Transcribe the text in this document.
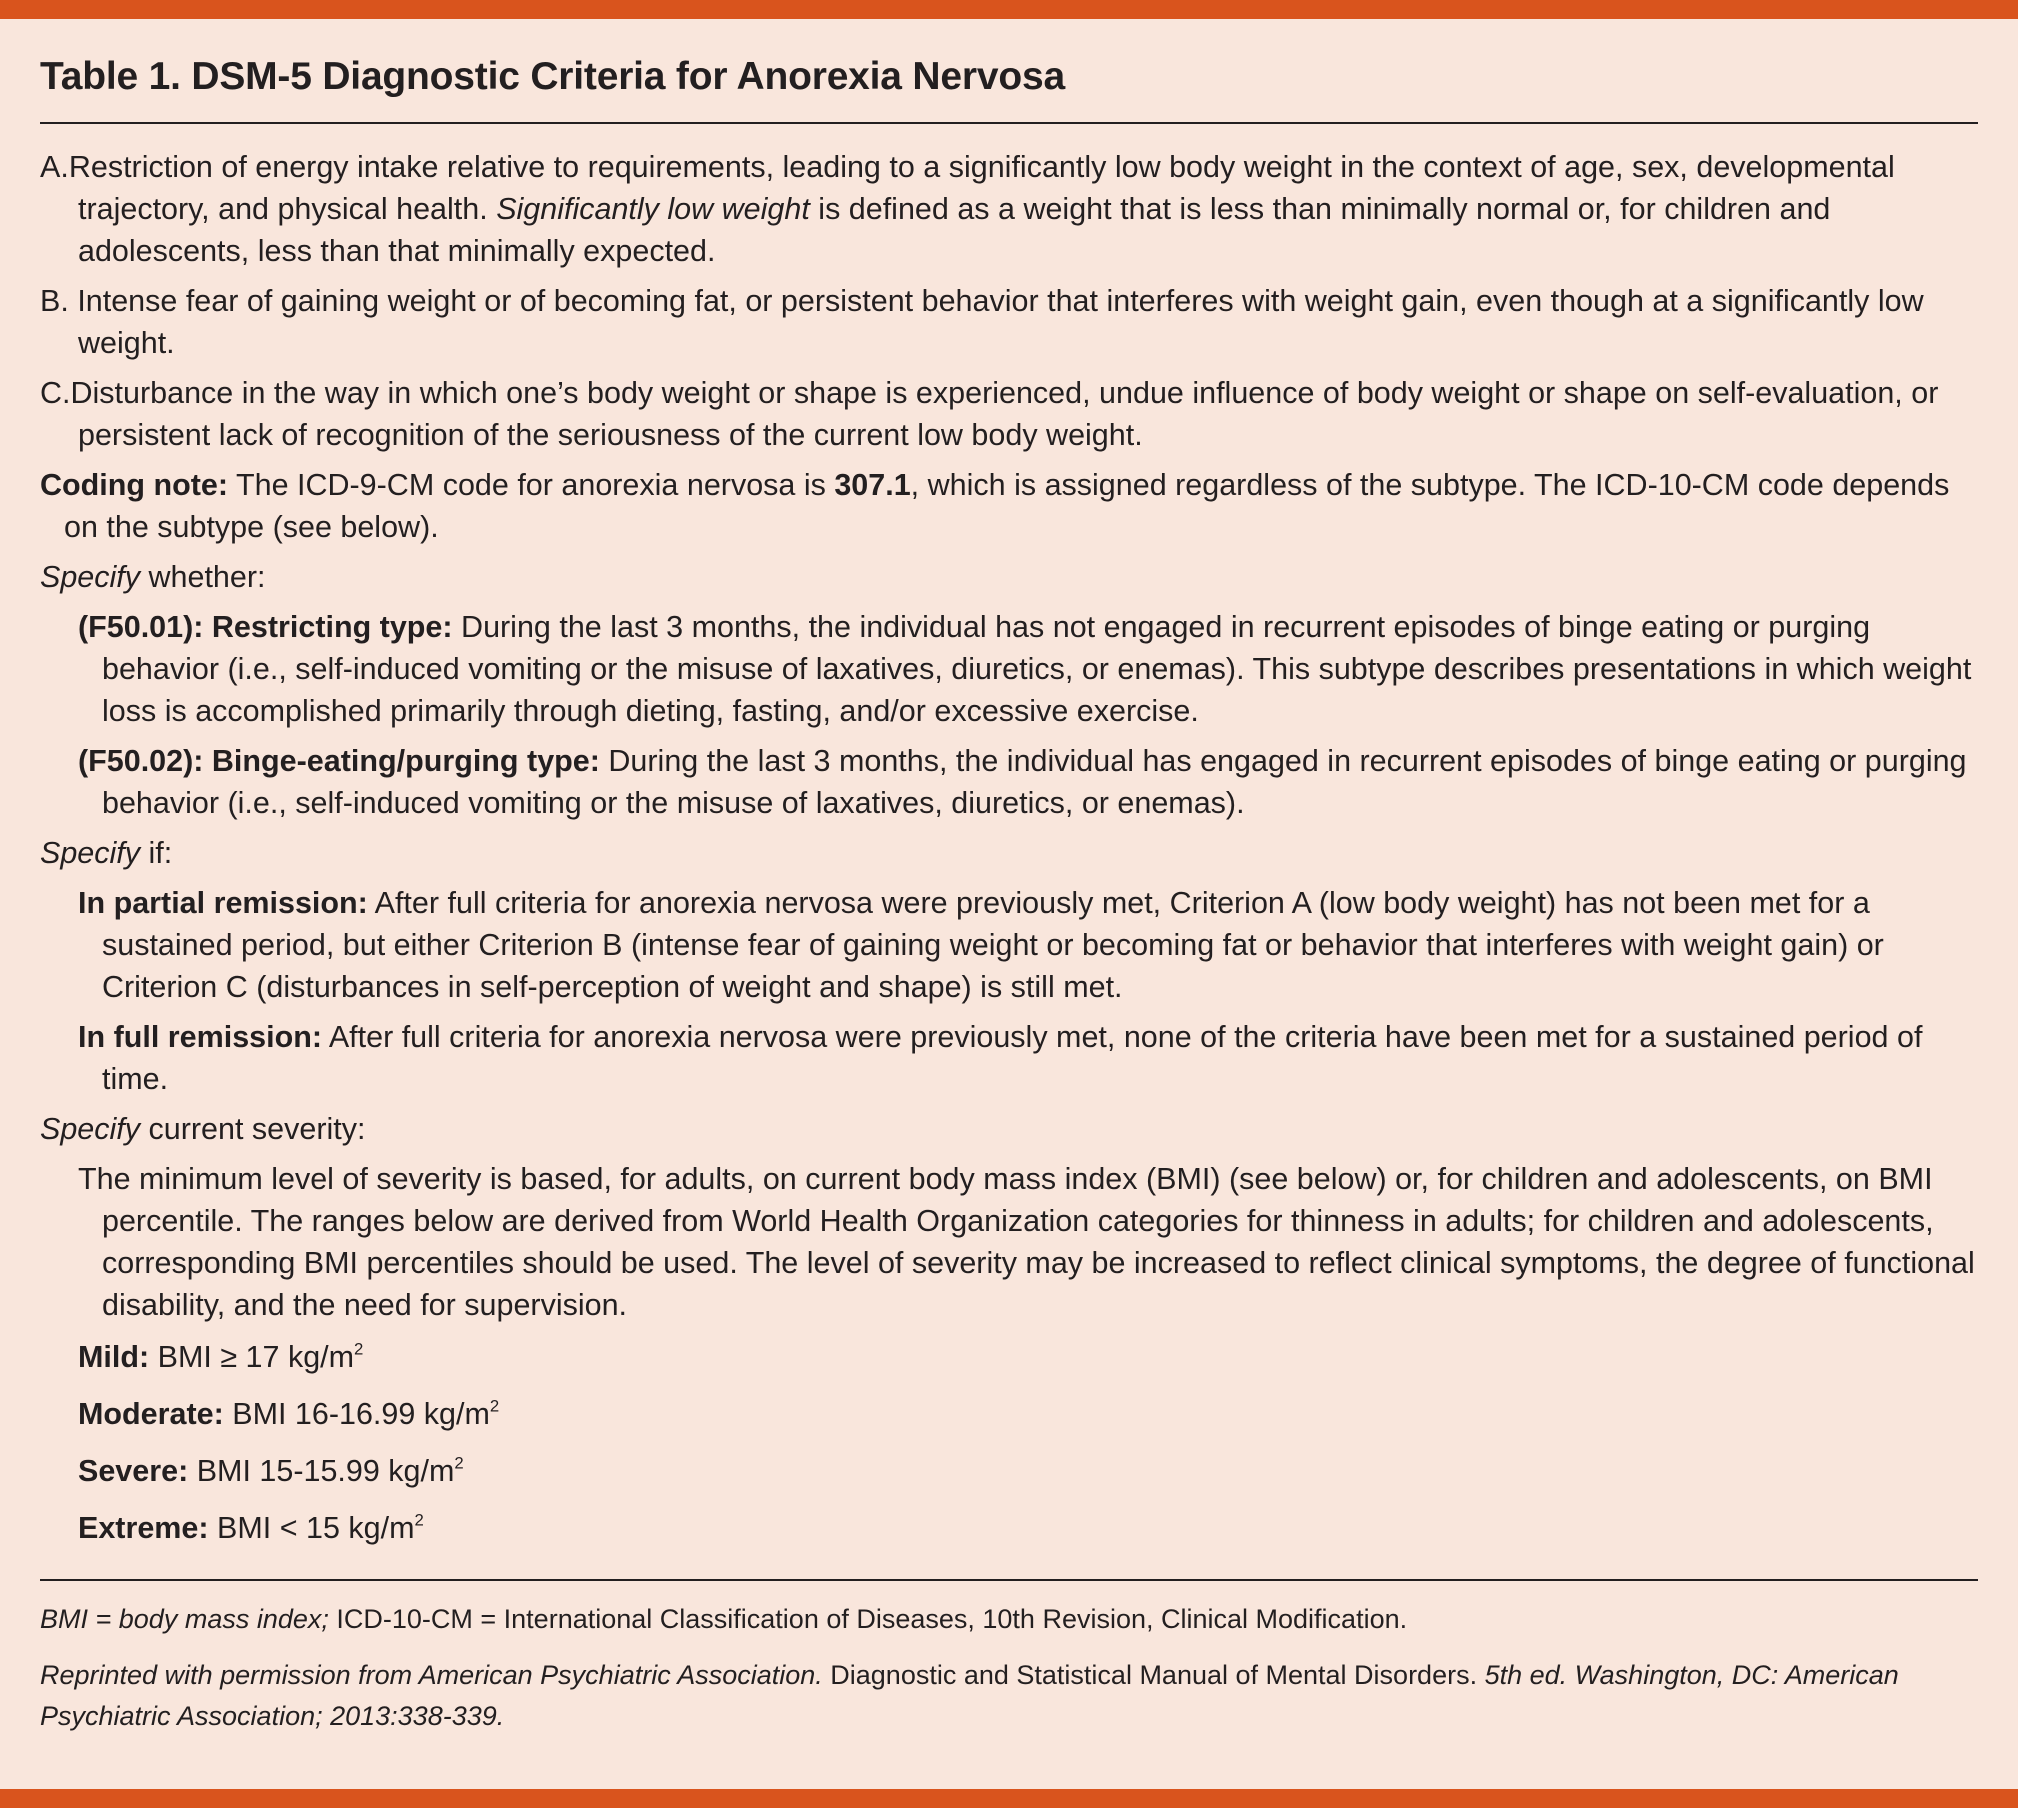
Table 1. DSM-5 Diagnostic Criteria for Anorexia Nervosa

A.Restriction of energy intake relative to requirements, leading to a significantly low body weight in the context of age, sex, developmental trajectory, and physical health. Significantly low weight is defined as a weight that is less than minimally normal or, for children and adolescents, less than that minimally expected.

B. Intense fear of gaining weight or of becoming fat, or persistent behavior that interferes with weight gain, even though at a significantly low weight.

C.Disturbance in the way in which one’s body weight or shape is experienced, undue influence of body weight or shape on self-evaluation, or persistent lack of recognition of the seriousness of the current low body weight.

Coding note: The ICD-9-CM code for anorexia nervosa is 307.1, which is assigned regardless of the subtype. The ICD-10-CM code depends on the subtype (see below).

Specify whether:

(F50.01): Restricting type: During the last 3 months, the individual has not engaged in recurrent episodes of binge eating or purging behavior (i.e., self-induced vomiting or the misuse of laxatives, diuretics, or enemas). This subtype describes presentations in which weight loss is accomplished primarily through dieting, fasting, and/or excessive exercise.

(F50.02): Binge-eating/purging type: During the last 3 months, the individual has engaged in recurrent episodes of binge eating or purging behavior (i.e., self-induced vomiting or the misuse of laxatives, diuretics, or enemas).

Specify if:

In partial remission: After full criteria for anorexia nervosa were previously met, Criterion A (low body weight) has not been met for a sustained period, but either Criterion B (intense fear of gaining weight or becoming fat or behavior that interferes with weight gain) or Criterion C (disturbances in self-perception of weight and shape) is still met.

In full remission: After full criteria for anorexia nervosa were previously met, none of the criteria have been met for a sustained period of time.

Specify current severity:

The minimum level of severity is based, for adults, on current body mass index (BMI) (see below) or, for children and adolescents, on BMI percentile. The ranges below are derived from World Health Organization categories for thinness in adults; for children and adolescents, corresponding BMI percentiles should be used. The level of severity may be increased to reflect clinical symptoms, the degree of functional disability, and the need for supervision.

Mild: BMI ≥ 17 $kg/m^2$

Moderate: BMI 16-16.99 $kg/m^2$

Severe: BMI 15-15.99 $kg/m^2$

Extreme: BMI < 15 $kg/m^2$

BMI = body mass index; ICD-10-CM = International Classification of Diseases, 10th Revision, Clinical Modification.

Reprinted with permission from American Psychiatric Association. Diagnostic and Statistical Manual of Mental Disorders. 5th ed. Washington, DC: American Psychiatric Association; 2013:338-339.
